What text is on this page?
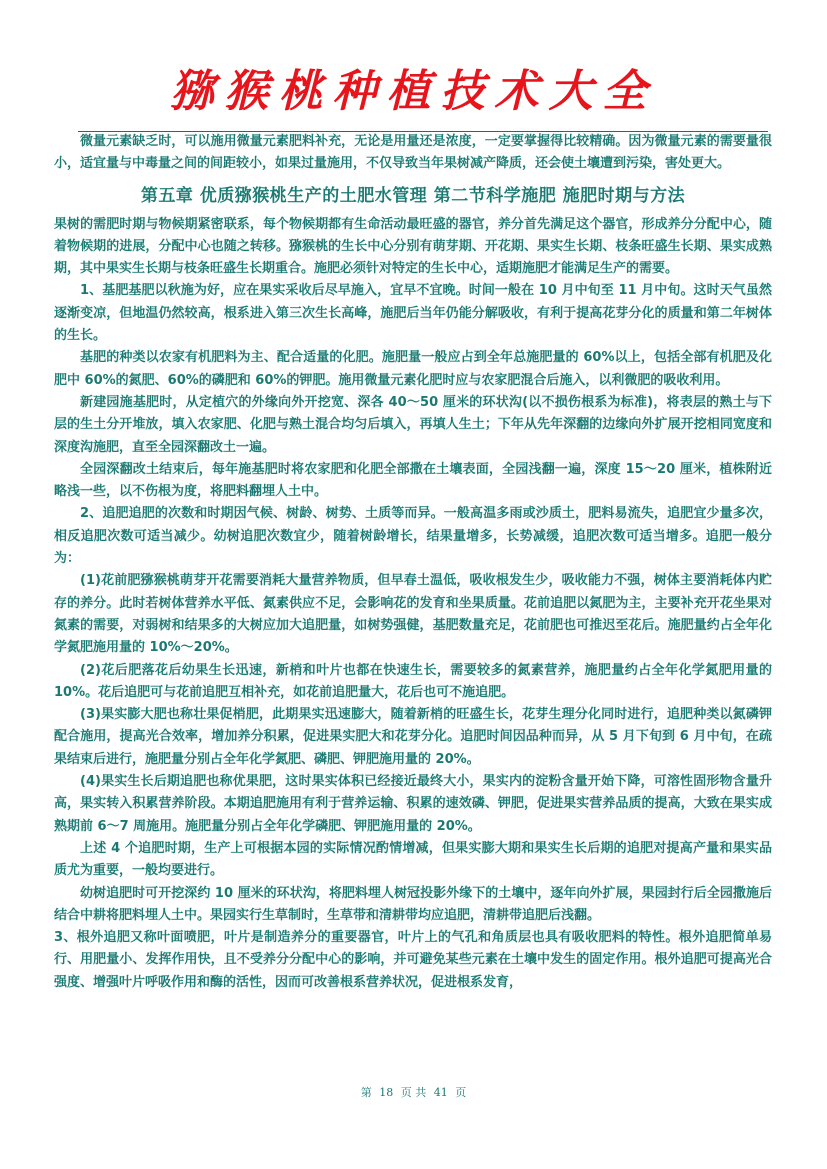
猕猴桃种植技术大全

微量元素缺乏时，可以施用微量元素肥料补充，无论是用量还是浓度，一定要掌握得比较精确。因为微量元素的需要量很小，适宜量与中毒量之间的间距较小，如果过量施用，不仅导致当年果树减产降质，还会使土壤遭到污染，害处更大。

第五章 优质猕猴桃生产的土肥水管理 第二节科学施肥 施肥时期与方法

果树的需肥时期与物候期紧密联系，每个物候期都有生命活动最旺盛的器官，养分首先满足这个器官，形成养分分配中心，随着物候期的进展，分配中心也随之转移。猕猴桃的生长中心分别有萌芽期、开花期、果实生长期、枝条旺盛生长期、果实成熟期，其中果实生长期与枝条旺盛生长期重合。施肥必须针对特定的生长中心，适期施肥才能满足生产的需要。

1、基肥基肥以秋施为好，应在果实采收后尽早施入，宜早不宜晚。时间一般在 10 月中旬至 11 月中旬。这时天气虽然逐渐变凉，但地温仍然较高，根系进入第三次生长高峰，施肥后当年仍能分解吸收，有利于提高花芽分化的质量和第二年树体的生长。

基肥的种类以农家有机肥料为主、配合适量的化肥。施肥量一般应占到全年总施肥量的 60%以上，包括全部有机肥及化肥中 60%的氮肥、60%的磷肥和 60%的钾肥。施用微量元素化肥时应与农家肥混合后施入，以利微肥的吸收利用。

新建园施基肥时，从定植穴的外缘向外开挖宽、深各 40～50 厘米的环状沟(以不损伤根系为标准)，将表层的熟土与下层的生土分开堆放，填入农家肥、化肥与熟土混合均匀后填入，再填人生土；下年从先年深翻的边缘向外扩展开挖相同宽度和深度沟施肥，直至全园深翻改土一遍。

全园深翻改土结束后，每年施基肥时将农家肥和化肥全部撒在土壤表面，全园浅翻一遍，深度 15～20 厘米，植株附近略浅一些，以不伤根为度，将肥料翻埋人土中。

2、追肥追肥的次数和时期因气候、树龄、树势、土质等而异。一般高温多雨或沙质土，肥料易流失，追肥宜少量多次，相反追肥次数可适当减少。幼树追肥次数宜少，随着树龄增长，结果量增多，长势减缓，追肥次数可适当增多。追肥一般分为：

(1)花前肥猕猴桃萌芽开花需要消耗大量营养物质，但早春土温低，吸收根发生少，吸收能力不强，树体主要消耗体内贮存的养分。此时若树体营养水平低、氮素供应不足，会影响花的发育和坐果质量。花前追肥以氮肥为主，主要补充开花坐果对氮素的需要，对弱树和结果多的大树应加大追肥量，如树势强健，基肥数量充足，花前肥也可推迟至花后。施肥量约占全年化学氮肥施用量的 10%～20%。

(2)花后肥落花后幼果生长迅速，新梢和叶片也都在快速生长，需要较多的氮素营养，施肥量约占全年化学氮肥用量的 10%。花后追肥可与花前追肥互相补充，如花前追肥量大，花后也可不施追肥。

(3)果实膨大肥也称壮果促梢肥，此期果实迅速膨大，随着新梢的旺盛生长，花芽生理分化同时进行，追肥种类以氮磷钾配合施用，提高光合效率，增加养分积累，促进果实肥大和花芽分化。追肥时间因品种而异，从 5 月下旬到 6 月中旬，在疏果结束后进行，施肥量分别占全年化学氮肥、磷肥、钾肥施用量的 20%。

(4)果实生长后期追肥也称优果肥，这时果实体积已经接近最终大小，果实内的淀粉含量开始下降，可溶性固形物含量升高，果实转入积累营养阶段。本期追肥施用有利于营养运输、积累的速效磷、钾肥，促进果实营养品质的提高，大致在果实成熟期前 6～7 周施用。施肥量分别占全年化学磷肥、钾肥施用量的 20%。

上述 4 个追肥时期，生产上可根据本园的实际情况酌情增减，但果实膨大期和果实生长后期的追肥对提高产量和果实品质尤为重要，一般均要进行。

幼树追肥时可开挖深约 10 厘米的环状沟，将肥料埋人树冠投影外缘下的土壤中，逐年向外扩展，果园封行后全园撒施后结合中耕将肥料埋人土中。果园实行生草制时，生草带和清耕带均应追肥，清耕带追肥后浅翻。

3、根外追肥又称叶面喷肥，叶片是制造养分的重要器官，叶片上的气孔和角质层也具有吸收肥料的特性。根外追肥简单易行、用肥量小、发挥作用快，且不受养分分配中心的影响，并可避免某些元素在土壤中发生的固定作用。根外追肥可提高光合强度、增强叶片呼吸作用和酶的活性，因而可改善根系营养状况，促进根系发育，

第 18 页 共 41 页
